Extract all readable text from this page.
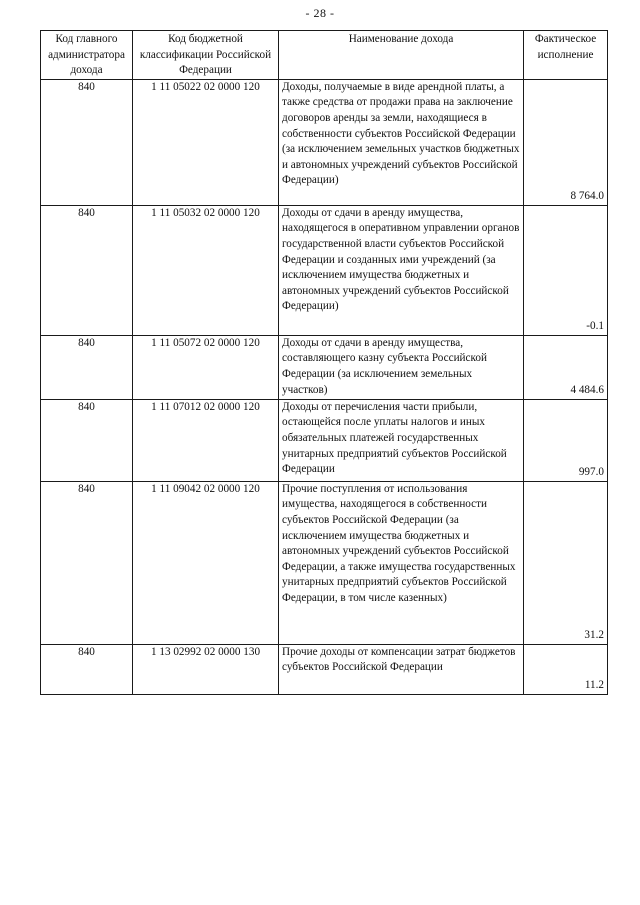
- 28 -
Код главного администратора дохода	Код бюджетной классификации Российской Федерации	Наименование дохода	Фактическое исполнение
840	1 11 05022 02 0000 120	Доходы, получаемые в виде арендной платы, а также средства от продажи права на заключение договоров аренды за земли, находящиеся в собственности субъектов Российской Федерации (за исключением земельных участков бюджетных и автономных учреждений субъектов Российской Федерации)	8 764.0
840	1 11 05032 02 0000 120	Доходы от сдачи в аренду имущества, находящегося в оперативном управлении органов государственной власти субъектов Российской Федерации и созданных ими учреждений (за исключением имущества бюджетных и автономных учреждений субъектов Российской Федерации)	-0.1
840	1 11 05072 02 0000 120	Доходы от сдачи в аренду имущества, составляющего казну субъекта Российской Федерации (за исключением земельных участков)	4 484.6
840	1 11 07012 02 0000 120	Доходы от перечисления части прибыли, остающейся после уплаты налогов и иных обязательных платежей государственных унитарных предприятий субъектов Российской Федерации	997.0
840	1 11 09042 02 0000 120	Прочие поступления от использования имущества, находящегося в собственности субъектов Российской Федерации (за исключением имущества бюджетных и автономных учреждений субъектов Российской Федерации, а также имущества государственных унитарных предприятий субъектов Российской Федерации, в том числе казенных)	31.2
840	1 13 02992 02 0000 130	Прочие доходы от компенсации затрат бюджетов субъектов Российской Федерации	11.2
